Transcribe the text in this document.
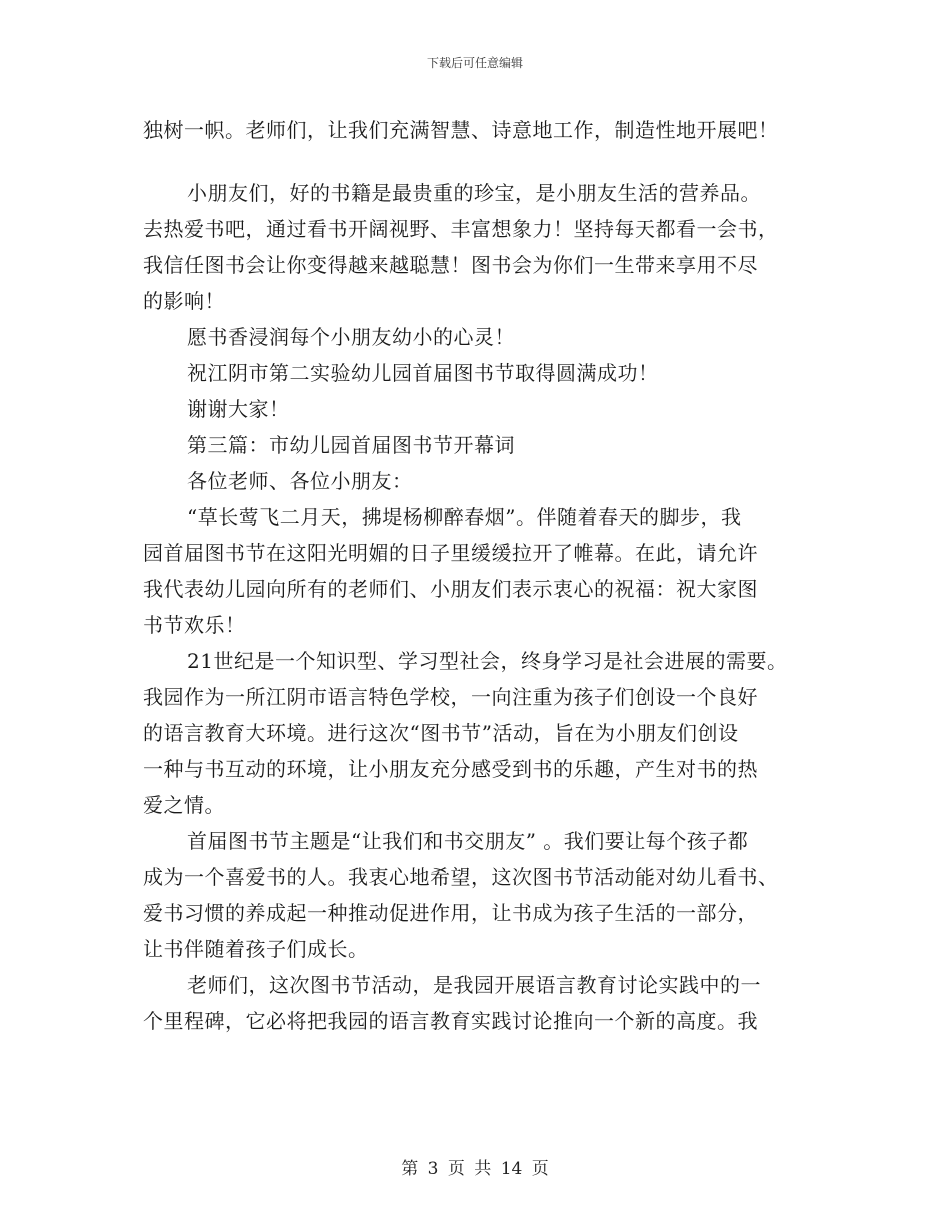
下载后可任意编辑
独树一帜。老师们，让我们充满智慧、诗意地工作，制造性地开展吧！
小朋友们，好的书籍是最贵重的珍宝，是小朋友生活的营养品。
去热爱书吧，通过看书开阔视野、丰富想象力！坚持每天都看一会书，
我信任图书会让你变得越来越聪慧！图书会为你们一生带来享用不尽
的影响！
愿书香浸润每个小朋友幼小的心灵！
祝江阴市第二实验幼儿园首届图书节取得圆满成功！
谢谢大家！
第三篇：市幼儿园首届图书节开幕词
各位老师、各位小朋友：
“草长莺飞二月天，拂堤杨柳醉春烟”。伴随着春天的脚步，我
园首届图书节在这阳光明媚的日子里缓缓拉开了帷幕。在此，请允许
我代表幼儿园向所有的老师们、小朋友们表示衷心的祝福：祝大家图
书节欢乐！
21世纪是一个知识型、学习型社会，终身学习是社会进展的需要。
我园作为一所江阴市语言特色学校，一向注重为孩子们创设一个良好
的语言教育大环境。进行这次“图书节”活动，旨在为小朋友们创设
一种与书互动的环境，让小朋友充分感受到书的乐趣，产生对书的热
爱之情。
首届图书节主题是“让我们和书交朋友” 。我们要让每个孩子都
成为一个喜爱书的人。我衷心地希望，这次图书节活动能对幼儿看书、
爱书习惯的养成起一种推动促进作用，让书成为孩子生活的一部分，
让书伴随着孩子们成长。
老师们，这次图书节活动，是我园开展语言教育讨论实践中的一
个里程碑，它必将把我园的语言教育实践讨论推向一个新的高度。我
第 3 页 共 14 页
